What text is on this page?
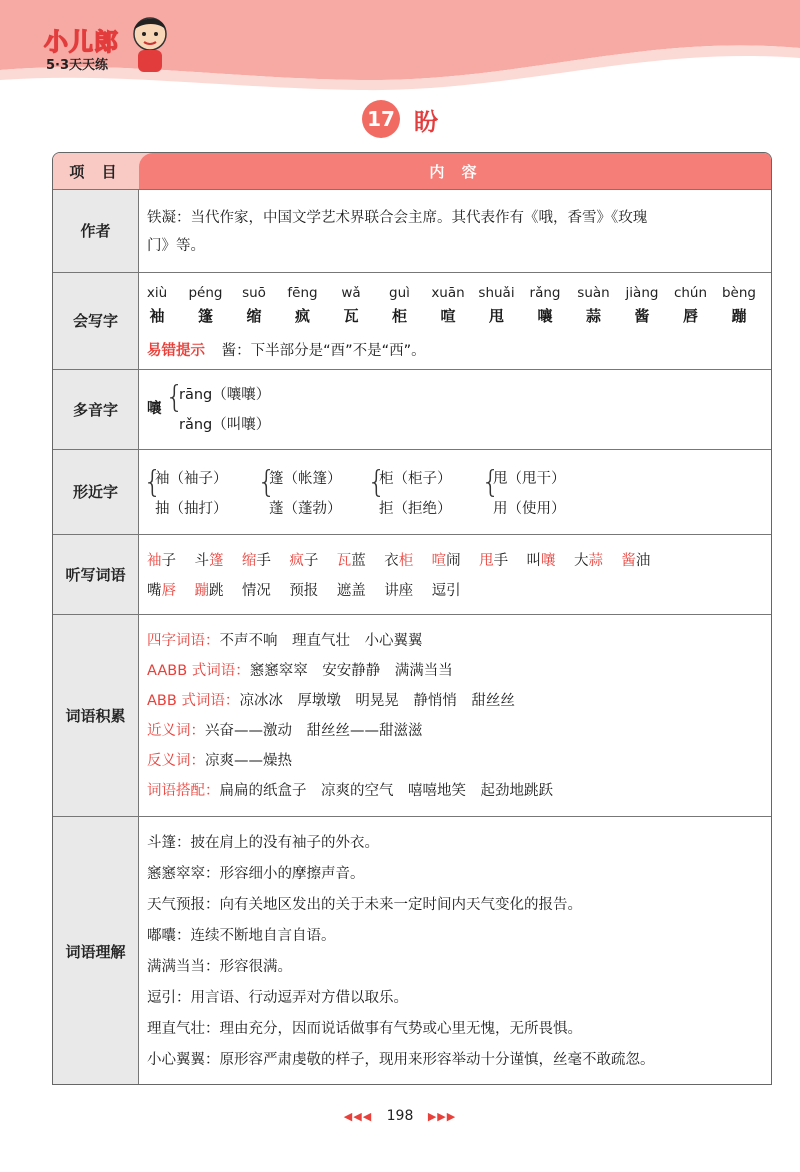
小儿郎
5·3天天练
17 盼
项 目	内 容
作者
铁凝：当代作家，中国文学艺术界联合会主席。其代表作有《哦，香雪》《玫瑰
门》等。
会写字
易错提示 酱：下半部分是“酉”不是“西”。
xiù
袖
péng
篷
suō
缩
fēng
疯
wǎ
瓦
guì
柜
xuān
喧
shuǎi
甩
rǎng
嚷
suàn
蒜
jiàng
酱
chún
唇
bèng
蹦
多音字	嚷 {
rāng（嚷嚷）
rǎng（叫嚷）
形近字 {
袖（袖子）
抽（抽打）
{
篷（帐篷）
蓬（蓬勃）
{
柜（柜子）
拒（拒绝）
{
甩（甩干）
用（使用）
听写 词语
袖子 斗篷 缩手 疯子 瓦蓝 衣柜 喧闹 甩手 叫嚷 大蒜 酱油
嘴唇 蹦跳 情况 预报 遮盖 讲座 逗引
词语 积累
四字词语：不声不响　理直气壮　小心翼翼
AABB 式词语：窸窸窣窣　安安静静　满满当当
ABB 式词语：凉冰冰　厚墩墩　明晃晃　静悄悄　甜丝丝
近义词：兴奋——激动　甜丝丝——甜滋滋
反义词：凉爽——燥热
词语搭配：扁扁的纸盒子　凉爽的空气　嘻嘻地笑　起劲地跳跃
词语 理解
斗篷：披在肩上的没有袖子的外衣。
窸窸窣窣：形容细小的摩擦声音。
天气预报：向有关地区发出的关于未来一定时间内天气变化的报告。
嘟囔：连续不断地自言自语。
满满当当：形容很满。
逗引：用言语、行动逗弄对方借以取乐。
理直气壮：理由充分，因而说话做事有气势或心里无愧，无所畏惧。
小心翼翼：原形容严肃虔敬的样子，现用来形容举动十分谨慎，丝毫不敢疏忽。
◀◀◀ 198 ▶▶▶
